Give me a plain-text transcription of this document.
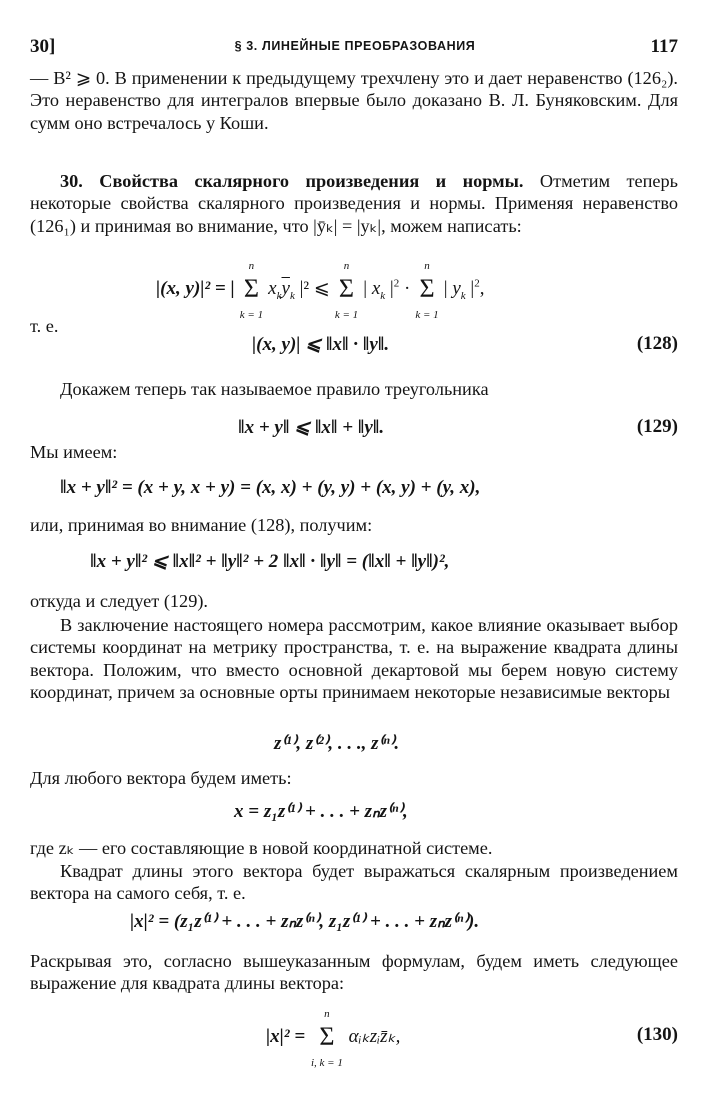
30]	§ 3. ЛИНЕЙНЫЕ ПРЕОБРАЗОВАНИЯ	117

— B² ⩾ 0. В применении к предыдущему трехчлену это и дает неравенство (126₂). Это неравенство для интегралов впервые было доказано В. Л. Буняковским. Для сумм оно встречалось у Коши.

30. Свойства скалярного произведения и нормы. Отметим теперь некоторые свойства скалярного произведения и нормы. Применяя неравенство (126₁) и принимая во внимание, что |ȳₖ| = |yₖ|, можем написать:

|(x, y)|² = |
n
Σ
k = 1
$x_k\overline{y}_k$ |² ⩽
n
Σ
k = 1
| $x_k$ $|^2$ ·
n
Σ
k = 1
| $y_k$ $|^2$,

т. е.

|(x, y)| ⩽ ‖x‖ · ‖y‖.	(128)

Докажем теперь так называемое правило треугольника

‖x + y‖ ⩽ ‖x‖ + ‖y‖.	(129)

Мы имеем:

‖x + y‖² = (x + y, x + y) = (x, x) + (y, y) + (x, y) + (y, x),

или, принимая во внимание (128), получим:

‖x + y‖² ⩽ ‖x‖² + ‖y‖² + 2 ‖x‖ · ‖y‖ = (‖x‖ + ‖y‖)²,

откуда и следует (129).

В заключение настоящего номера рассмотрим, какое влияние оказывает выбор системы координат на метрику пространства, т. е. на выражение квадрата длины вектора. Положим, что вместо основной декартовой мы берем новую систему координат, причем за основные орты принимаем некоторые независимые векторы

z⁽¹⁾, z⁽²⁾, . . ., z⁽ⁿ⁾.

Для любого вектора будем иметь:

x = z₁z⁽¹⁾ + . . . + zₙz⁽ⁿ⁾,

где zₖ — его составляющие в новой координатной системе.

Квадрат длины этого вектора будет выражаться скалярным произведением вектора на самого себя, т. е.

|x|² = (z₁z⁽¹⁾ + . . . + zₙz⁽ⁿ⁾, z₁z⁽¹⁾ + . . . + zₙz⁽ⁿ⁾).

Раскрывая это, согласно вышеуказанным формулам, будем иметь следующее выражение для квадрата длины вектора:

|x|² =
n
Σ
i, k = 1
αᵢₖzᵢz̄ₖ,	(130)
